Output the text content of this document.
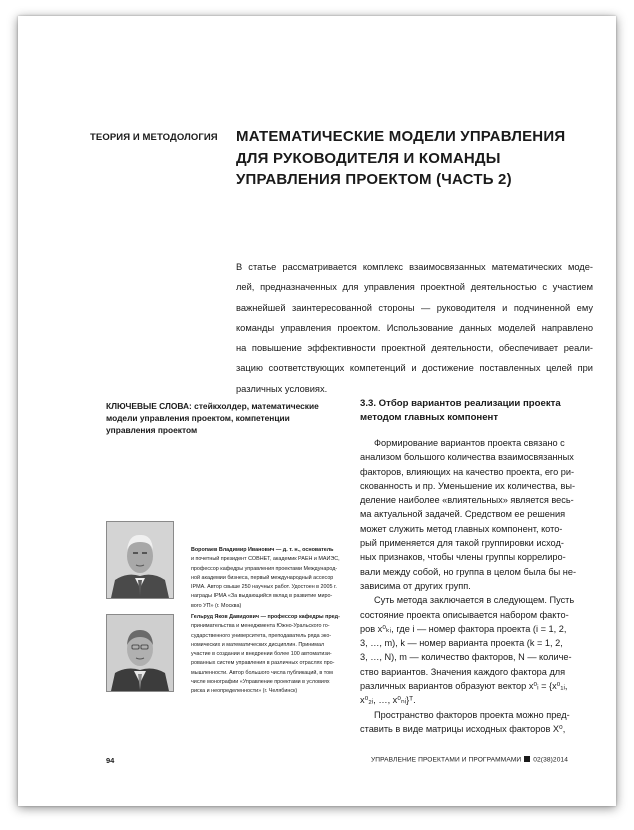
ТЕОРИЯ И МЕТОДОЛОГИЯ МАТЕМАТИЧЕСКИЕ МОДЕЛИ УПРАВЛЕНИЯ
ДЛЯ РУКОВОДИТЕЛЯ И КОМАНДЫ
УПРАВЛЕНИЯ ПРОЕКТОМ (ЧАСТЬ 2)
В статье рассматривается комплекс взаимосвязанных математических моде-
лей, предназначенных для управления проектной деятельностью с участием
важнейшей заинтересованной стороны — руководителя и подчиненной ему
команды управления проектом. Использование данных моделей направлено
на повышение эффективности проектной деятельности, обеспечивает реали-
зацию соответствующих компетенций и достижение поставленных целей при
различных условиях.
КЛЮЧЕВЫЕ СЛОВА: стейкхолдер, математические модели управления проектом, компетенции управления проектом
Воропаев Владимир Иванович — д. т. н., основатель
и почетный президент СОВНЕТ, академик РАЕН и МАИЭС,
профессор кафедры управления проектами Международ-
ной академии бизнеса, первый международный ассесор
IPMA. Автор свыше 250 научных работ. Удостоен в 2005 г.
награды IPMA «За выдающийся вклад в развитие миро-
вого УП» (г. Москва)
Гельруд Яков Давидович — профессор кафедры пред-
принимательства и менеджмента Южно-Уральского го-
сударственного университета, преподаватель ряда эко-
номических и математических дисциплин. Принимал
участие в создании и внедрении более 100 автоматизи-
рованных систем управления в различных отраслях про-
мышленности. Автор большого числа публикаций, в том
числе монографии «Управление проектами в условиях
риска и неопределенности» (г. Челябинск)
3.3. Отбор вариантов реализации проекта
методом главных компонент
Формирование вариантов проекта связано с
анализом большого количества взаимосвязанных
факторов, влияющих на качество проекта, его ри-
скованность и пр. Уменьшение их количества, вы-
деление наиболее «влиятельных» является весь-
ма актуальной задачей. Средством ее решения
может служить метод главных компонент, кото-
рый применяется для такой группировки исход-
ных признаков, чтобы члены группы коррелиро-
вали между собой, но группа в целом была бы не-
зависима от других групп.
Суть метода заключается в следующем. Пусть
состояние проекта описывается набором факто-
ров x⁰ₖᵢ, где i — номер фактора проекта (i = 1, 2,
3, …, m), k — номер варианта проекта (k = 1, 2,
3, …, N), m — количество факторов, N — количе-
ство вариантов. Значения каждого фактора для
различных вариантов образуют вектор x⁰ᵢ = {x⁰₁ᵢ,
x⁰₂ᵢ, …, x⁰ₙᵢ}ᵀ.
Пространство факторов проекта можно пред-
ставить в виде матрицы исходных факторов X⁰,
94	УПРАВЛЕНИЕ ПРОЕКТАМИ И ПРОГРАММАМИ 02(38)2014
